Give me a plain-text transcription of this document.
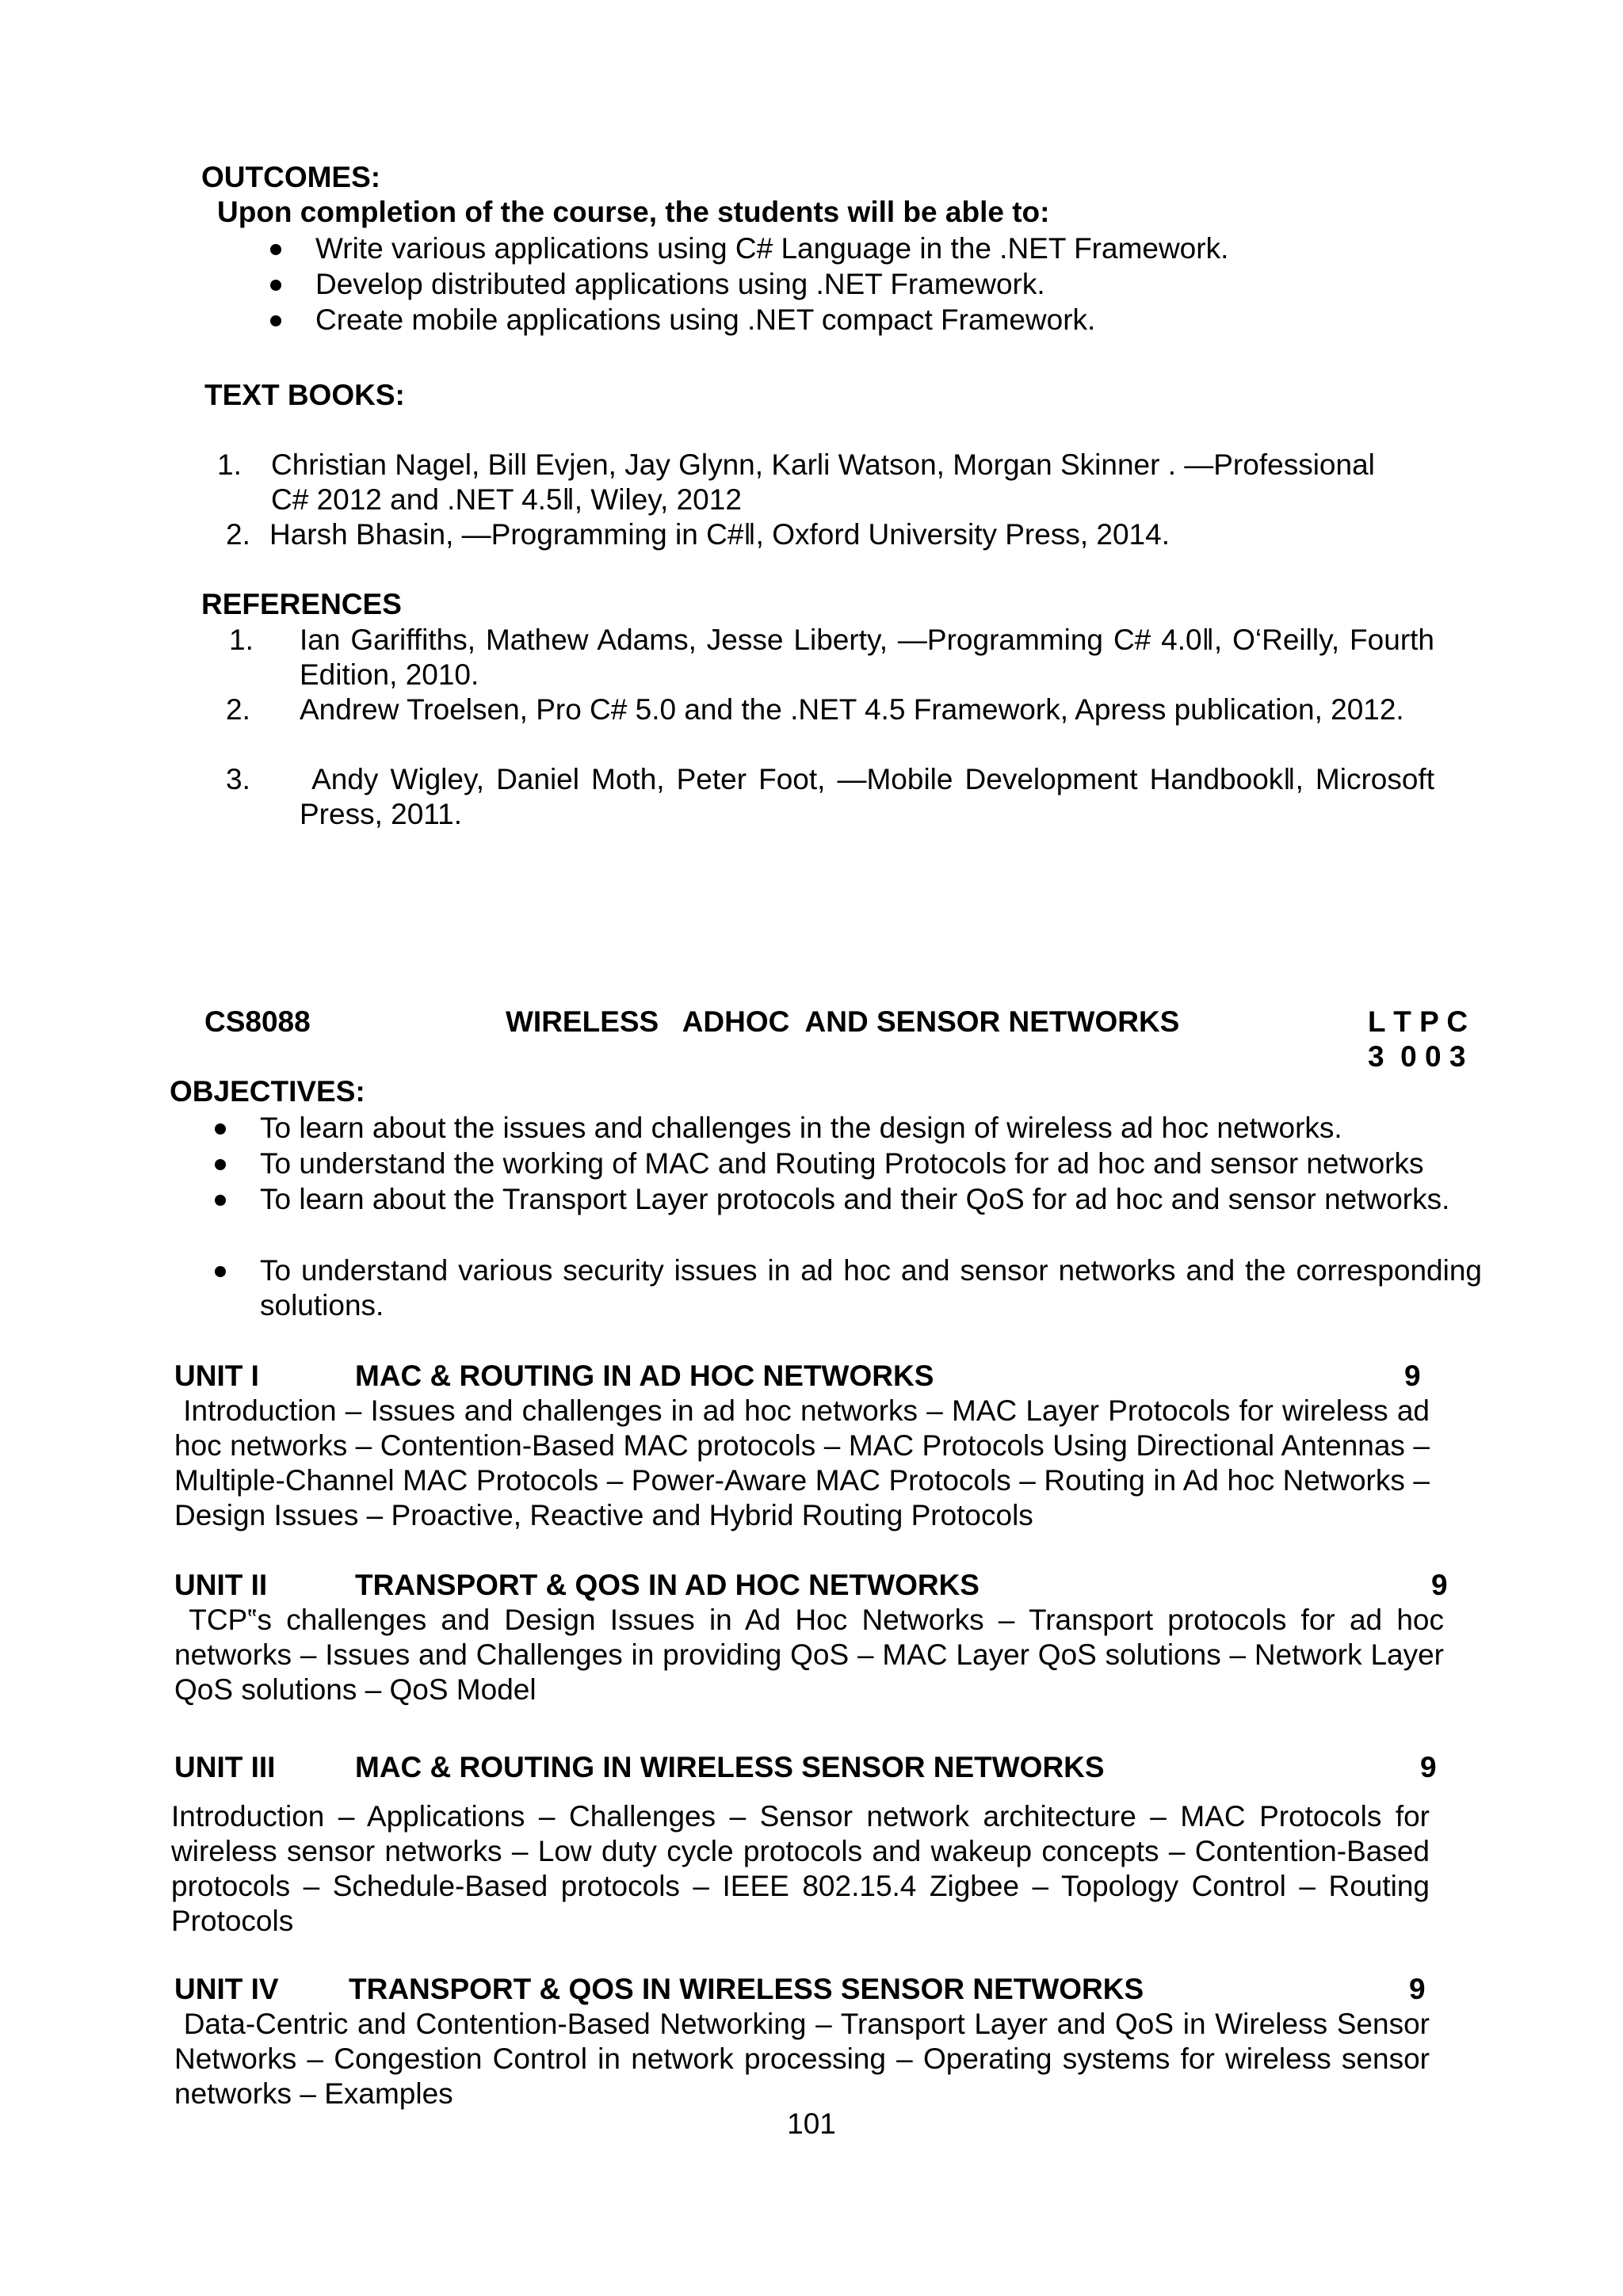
OUTCOMES:
Upon completion of the course, the students will be able to:
Write various applications using C# Language in the .NET Framework.
Develop distributed applications using .NET Framework.
Create mobile applications using .NET compact Framework.
TEXT BOOKS:
1. Christian Nagel, Bill Evjen, Jay Glynn, Karli Watson, Morgan Skinner . ―Professional
C# 2012 and .NET 4.5‖, Wiley, 2012
2. Harsh Bhasin, ―Programming in C#‖, Oxford University Press, 2014.
REFERENCES
1. Ian Gariffiths, Mathew Adams, Jesse Liberty, ―Programming C# 4.0‖, O‘Reilly, Fourth Edition, 2010.
2. Andrew Troelsen, Pro C# 5.0 and the .NET 4.5 Framework, Apress publication, 2012.
3. Andy Wigley, Daniel Moth, Peter Foot, ―Mobile Development Handbook‖, Microsoft Press, 2011.
CS8088	WIRELESS   ADHOC  AND SENSOR NETWORKS	L T P C
3  0 0 3
OBJECTIVES:
To learn about the issues and challenges in the design of wireless ad hoc networks.
To understand the working of MAC and Routing Protocols for ad hoc and sensor networks
To learn about the Transport Layer protocols and their QoS for ad hoc and sensor networks.
To understand various security issues in ad hoc and sensor networks and the corresponding solutions.
UNIT I	MAC & ROUTING IN AD HOC NETWORKS	9
Introduction – Issues and challenges in ad hoc networks – MAC Layer Protocols for wireless ad hoc networks – Contention-Based MAC protocols – MAC Protocols Using Directional Antennas – Multiple-Channel MAC Protocols – Power-Aware MAC Protocols – Routing in Ad hoc Networks – Design Issues – Proactive, Reactive and Hybrid Routing Protocols
UNIT II	TRANSPORT & QOS IN AD HOC NETWORKS	9
TCP‟s challenges and Design Issues in Ad Hoc Networks – Transport protocols for ad hoc networks – Issues and Challenges in providing QoS – MAC Layer QoS solutions – Network Layer QoS solutions – QoS Model
UNIT III	MAC & ROUTING IN WIRELESS SENSOR NETWORKS	9
Introduction – Applications – Challenges – Sensor network architecture – MAC Protocols for wireless sensor networks – Low duty cycle protocols and wakeup concepts – Contention-Based protocols – Schedule-Based protocols – IEEE 802.15.4 Zigbee – Topology Control – Routing Protocols
UNIT IV TRANSPORT & QOS IN WIRELESS SENSOR NETWORKS	9
Data-Centric and Contention-Based Networking – Transport Layer and QoS in Wireless Sensor Networks – Congestion Control in network processing – Operating systems for wireless sensor networks – Examples
101
